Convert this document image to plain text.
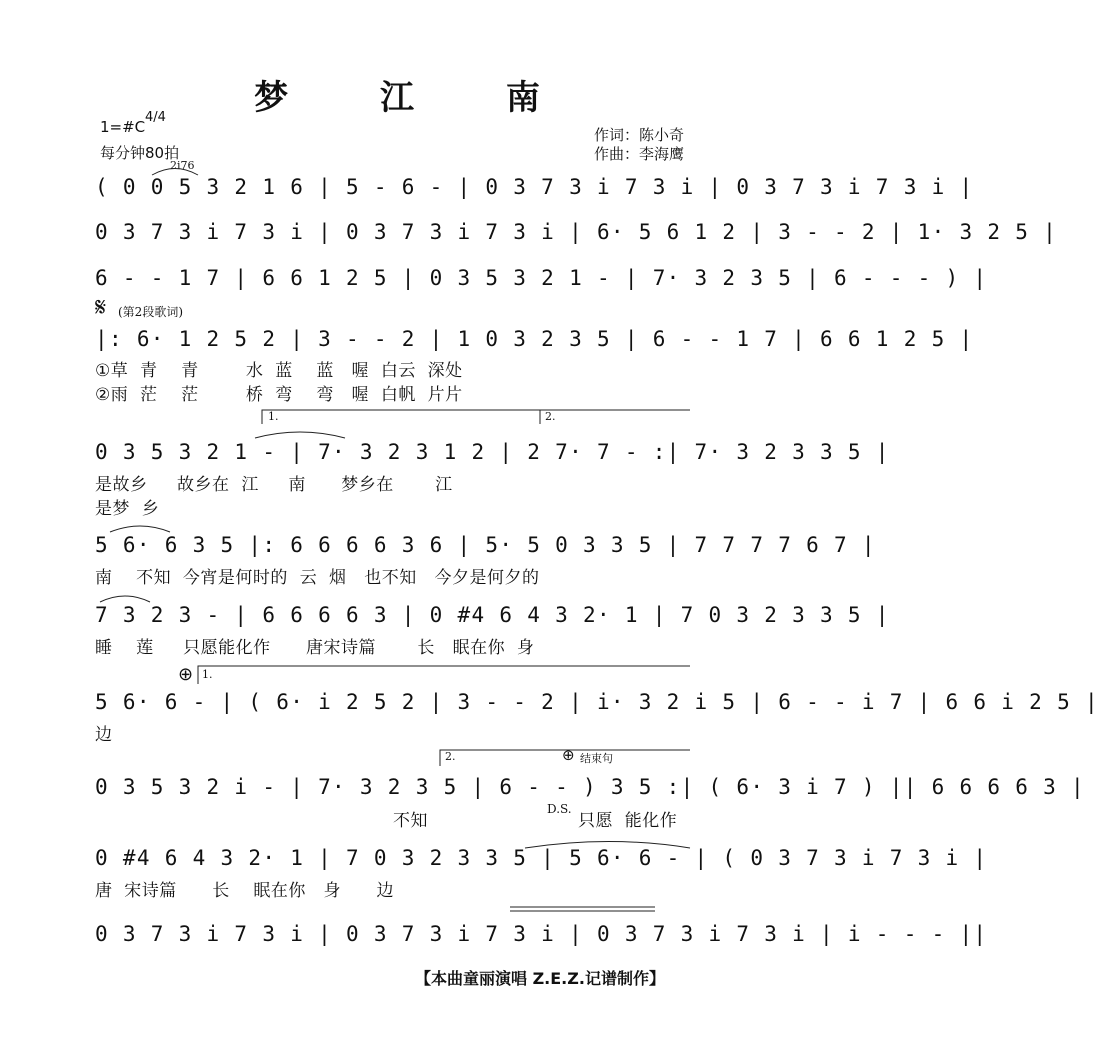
梦 江 南
1=#C
4/4
每分钟80拍
作词：陈小奇
作曲：李海鹰
2i76
( 0 0 5 3 2 1 6 | 5 - 6 - | 0 3 7 3 i 7 3 i | 0 3 7 3 i 7 3 i |
0 3 7 3 i 7 3 i | 0 3 7 3 i 7 3 i | 6· 5 6 1 2 | 3 - - 2 | 1· 3 2 5 |
6 - - 1 7 | 6 6 1 2 5 | 0 3 5 3 2 1 - | 7· 3 2 3 5 | 6 - - - ) |
𝄋 (第2段歌词)
|: 6· 1 2 5 2 | 3 - - 2 | 1 0 3 2 3 5 | 6 - - 1 7 | 6 6 1 2 5 |
①草  青    青        水  蓝    蓝   喔  白云  深处
②雨  茫    茫        桥  弯    弯   喔  白帆  片片
1.	2.
0 3 5 3 2 1 - | 7· 3 2 3 1 2 | 2 7· 7 - :| 7· 3 2 3 3 5 |
是故乡     故乡在  江     南      梦乡在       江
是梦  乡
5 6· 6 3 5 |: 6 6 6 6 3 6 | 5· 5 0 3 3 5 | 7 7 7 7 6 7 |
南    不知  今宵是何时的  云  烟   也不知   今夕是何夕的
7 3 2 3 - | 6 6 6 6 3 | 0 #4 6 4 3 2· 1 | 7 0 3 2 3 3 5 |
睡    莲     只愿能化作      唐宋诗篇       长   眠在你  身
⊕ 1.
5 6· 6 - | ( 6· i 2 5 2 | 3 - - 2 | i· 3 2 i 5 | 6 - - i 7 | 6 6 i 2 5 |
边
2.	⊕ 结束句
0 3 5 3 2 i - | 7· 3 2 3 5 | 6 - - ) 3 5 :| ( 6· 3 i 7 ) || 6 6 6 6 3 |
不知
D.S.
只愿  能化作
0 #4 6 4 3 2· 1 | 7 0 3 2 3 3 5 | 5 6· 6 - | ( 0 3 7 3 i 7 3 i |
唐  宋诗篇      长    眠在你   身      边
0 3 7 3 i 7 3 i | 0 3 7 3 i 7 3 i | 0 3 7 3 i 7 3 i | i - - - ||
【本曲童丽演唱 Z.E.Z.记谱制作】
